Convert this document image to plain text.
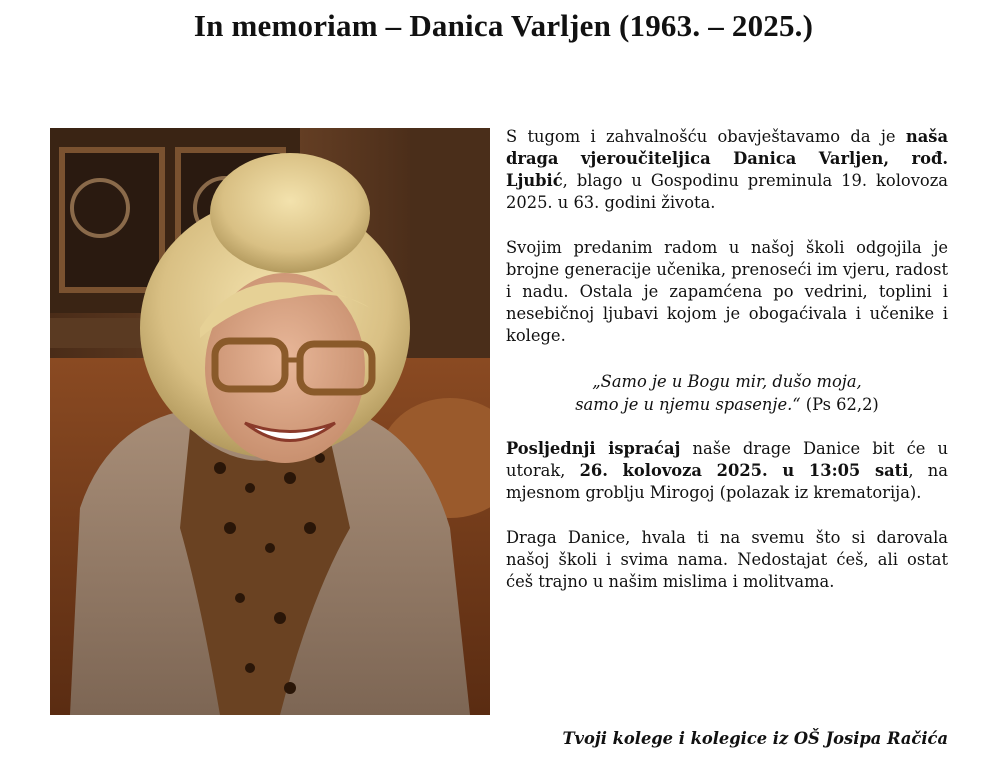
In memoriam – Danica Varljen (1963. – 2025.)

S tugom i zahvalnošću obavještavamo da je naša draga vjeroučiteljica Danica Varljen, rođ. Ljubić, blago u Gospodinu preminula 19. kolovoza 2025. u 63. godini života.

Svojim predanim radom u našoj školi odgojila je brojne generacije učenika, prenoseći im vjeru, radost i nadu. Ostala je zapamćena po vedrini, toplini i nesebičnoj ljubavi kojom je obogaćivala i učenike i kolege.

„Samo je u Bogu mir, dušo moja,
samo je u njemu spasenje.“ (Ps 62,2)

Posljednji ispraćaj naše drage Danice bit će u utorak, 26. kolovoza 2025. u 13:05 sati, na mjesnom groblju Mirogoj (polazak iz krematorija).

Draga Danice, hvala ti na svemu što si darovala našoj školi i svima nama. Nedostajat ćeš, ali ostat ćeš trajno u našim mislima i molitvama.

Tvoji kolege i kolegice iz OŠ Josipa Račića
